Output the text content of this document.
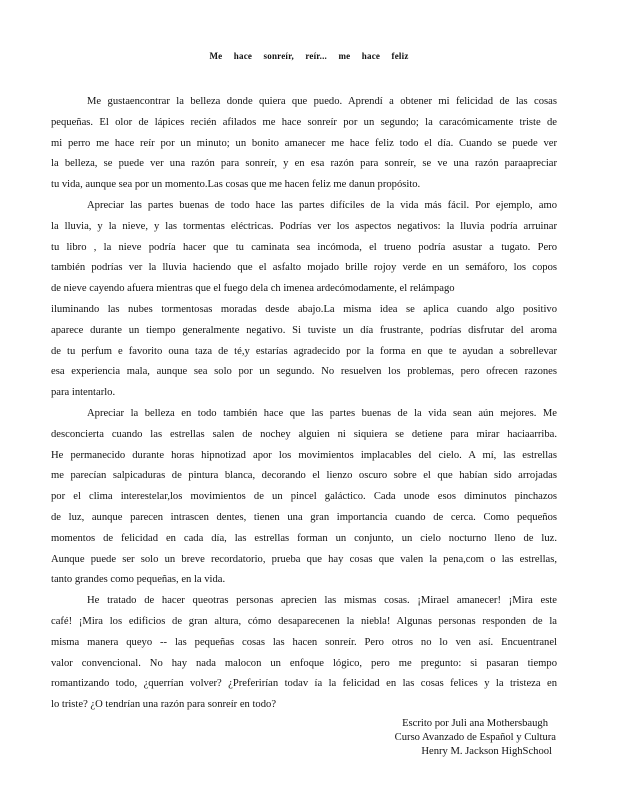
Me hace sonreír, reír... me hace feliz
Me gustaencontrar la belleza donde quiera que puedo. Aprendí a obtener mi felicidad de las cosas
pequeñas. El olor de lápices recién afilados me hace sonreír por un segundo; la caracómicamente triste de
mi perro me hace reír por un minuto; un bonito amanecer me hace feliz todo el día. Cuando se puede ver
la belleza, se puede ver una razón para sonreír, y en esa razón para sonreír, se ve una razón paraapreciar
tu vida, aunque sea por un momento.Las cosas que me hacen feliz me danun propósito.
Apreciar las partes buenas de todo hace las partes difíciles de la vida más fácil. Por ejemplo, amo
la lluvia, y la nieve, y las tormentas eléctricas. Podrías ver los aspectos negativos: la lluvia podría arruinar
tu libro , la nieve podría hacer que tu caminata sea incómoda, el trueno podría asustar a tugato. Pero
también podrías ver la lluvia haciendo que el asfalto mojado brille rojoy verde en un semáforo, los copos
de nieve cayendo afuera mientras que el fuego dela ch imenea ardecómodamente, el relámpago
iluminando las nubes tormentosas moradas desde abajo.La misma idea se aplica cuando algo positivo
aparece durante un tiempo generalmente negativo. Si tuviste un día frustrante, podrías disfrutar del aroma
de tu perfum e favorito ouna taza de té,y estarías agradecido por la forma en que te ayudan a sobrellevar
esa experiencia mala, aunque sea solo por un segundo. No resuelven los problemas, pero ofrecen razones
para intentarlo.
Apreciar la belleza en todo también hace que las partes buenas de la vida sean aún mejores. Me
desconcierta cuando las estrellas salen de nochey alguien ni siquiera se detiene para mirar haciaarriba.
He permanecido durante horas hipnotizad apor los movimientos implacables del cielo. A mí, las estrellas
me parecían salpicaduras de pintura blanca, decorando el lienzo oscuro sobre el que habían sido arrojadas
por el clima interestelar,los movimientos de un pincel galáctico. Cada unode esos diminutos pinchazos
de luz, aunque parecen intrascen dentes, tienen una gran importancia cuando de cerca. Como pequeños
momentos de felicidad en cada día, las estrellas forman un conjunto, un cielo nocturno lleno de luz.
Aunque puede ser solo un breve recordatorio, prueba que hay cosas que valen la pena,com o las estrellas,
tanto grandes como pequeñas, en la vida.
He tratado de hacer queotras personas aprecien las mismas cosas. ¡Mirael amanecer! ¡Mira este
café! ¡Mira los edificios de gran altura, cómo desaparecenen la niebla! Algunas personas responden de la
misma manera queyo -- las pequeñas cosas las hacen sonreír. Pero otros no lo ven así. Encuentranel
valor convencional. No hay nada malocon un enfoque lógico, pero me pregunto: si pasaran tiempo
romantizando todo, ¿querrían volver? ¿Preferirían todav ía la felicidad en las cosas felices y la tristeza en
lo triste? ¿O tendrían una razón para sonreír en todo?
Escrito por Juli ana Mothersbaugh
Curso Avanzado de Español y Cultura
Henry M. Jackson HighSchool
